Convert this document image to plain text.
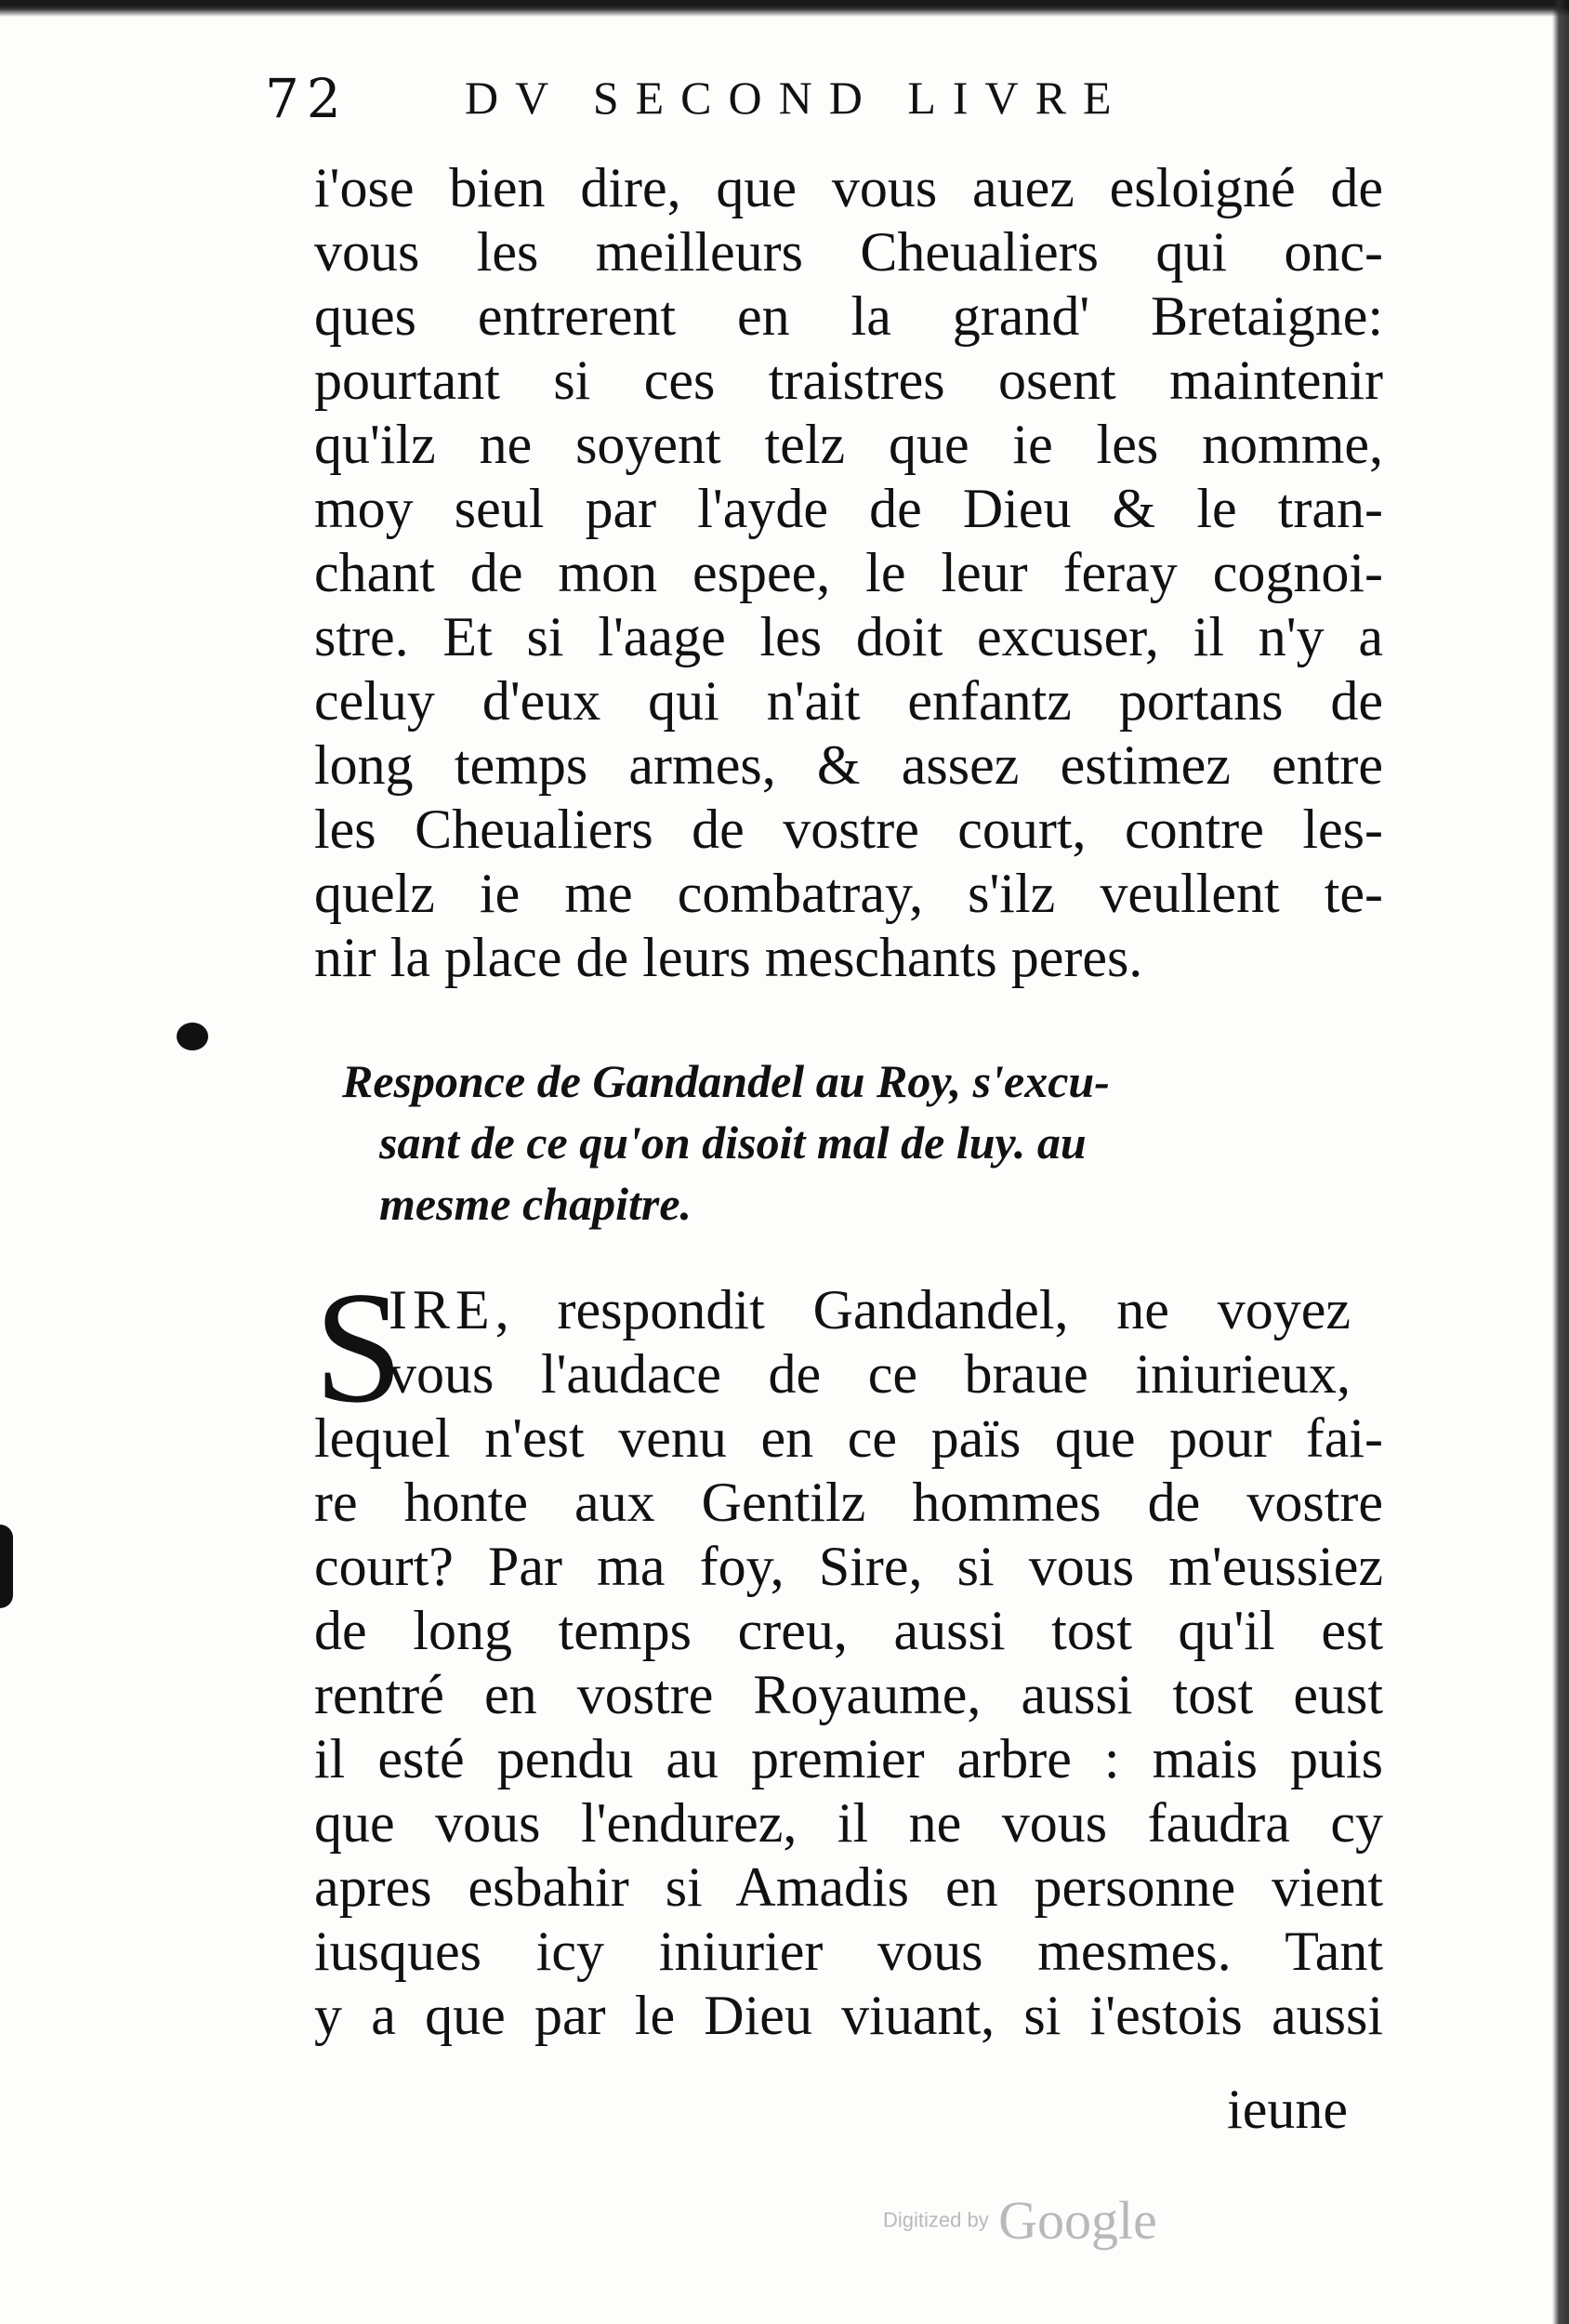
72	DV SECOND LIVRE
i'ose bien dire, que vous auez esloigné de
vous les meilleurs Cheualiers qui onc-
ques entrerent en la grand' Bretaigne:
pourtant si ces traistres osent maintenir
qu'ilz ne soyent telz que ie les nomme,
moy seul par l'ayde de Dieu & le tran-
chant de mon espee, le leur feray cognoi-
stre. Et si l'aage les doit excuser, il n'y a
celuy d'eux qui n'ait enfantz portans de
long temps armes, & assez estimez entre
les Cheualiers de vostre court, contre les-
quelz ie me combatray, s'ilz veullent te-
nir la place de leurs meschants peres.
Responce de Gandandel au Roy, s'excu-
sant de ce qu'on disoit mal de luy. au
mesme chapitre.
S
IRE, respondit Gandandel, ne voyez
vous l'audace de ce braue iniurieux,
lequel n'est venu en ce païs que pour fai-
re honte aux Gentilz hommes de vostre
court? Par ma foy, Sire, si vous m'eussiez
de long temps creu, aussi tost qu'il est
rentré en vostre Royaume, aussi tost eust
il esté pendu au premier arbre : mais puis
que vous l'endurez, il ne vous faudra cy
apres esbahir si Amadis en personne vient
iusques icy iniurier vous mesmes. Tant
y a que par le Dieu viuant, si i'estois aussi
ieune
Digitized by Google
